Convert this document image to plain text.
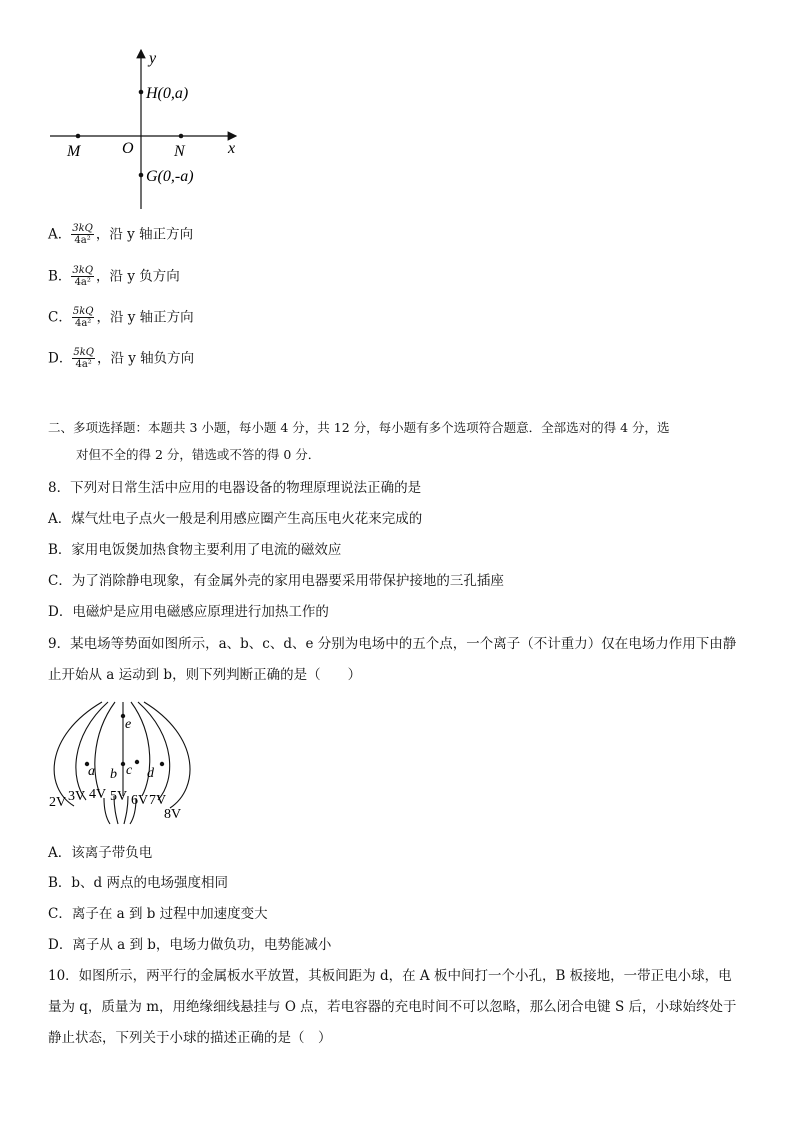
y
x
O
H(0,a)
M	N
G(0,-a)
A． $\frac{3kQ}{\text{4a²}}$ ，沿 y 轴正方向
B． $\frac{3kQ}{\text{4a²}}$ ，沿 y 负方向
C． $\frac{5kQ}{\text{4a²}}$ ，沿 y 轴正方向
D． $\frac{5kQ}{\text{4a²}}$ ，沿 y 轴负方向
二、多项选择题：本题共 3 小题，每小题 4 分，共 12 分，每小题有多个选项符合题意．全部选对的得 4 分，选
对但不全的得 2 分，错选或不答的得 0 分．
8．下列对日常生活中应用的电器设备的物理原理说法正确的是
A．煤气灶电子点火一般是利用感应圈产生高压电火花来完成的
B．家用电饭煲加热食物主要利用了电流的磁效应
C．为了消除静电现象，有金属外壳的家用电器要采用带保护接地的三孔插座
D．电磁炉是应用电磁感应原理进行加热工作的
9．某电场等势面如图所示，a、b、c、d、e 分别为电场中的五个点，一个离子（不计重力）仅在电场力作用下由静
止开始从 a 运动到 b，则下列判断正确的是（　　）
e
a b c d
2V 3V 4V 5V 6V 7V
8V
A．该离子带负电
B．b、d 两点的电场强度相同
C．离子在 a 到 b 过程中加速度变大
D．离子从 a 到 b，电场力做负功，电势能减小
10．如图所示，两平行的金属板水平放置，其板间距为 d，在 A 板中间打一个小孔，B 板接地，一带正电小球，电
量为 q，质量为 m，用绝缘细线悬挂与 O 点，若电容器的充电时间不可以忽略，那么闭合电键 S 后，小球始终处于
静止状态，下列关于小球的描述正确的是（　）
